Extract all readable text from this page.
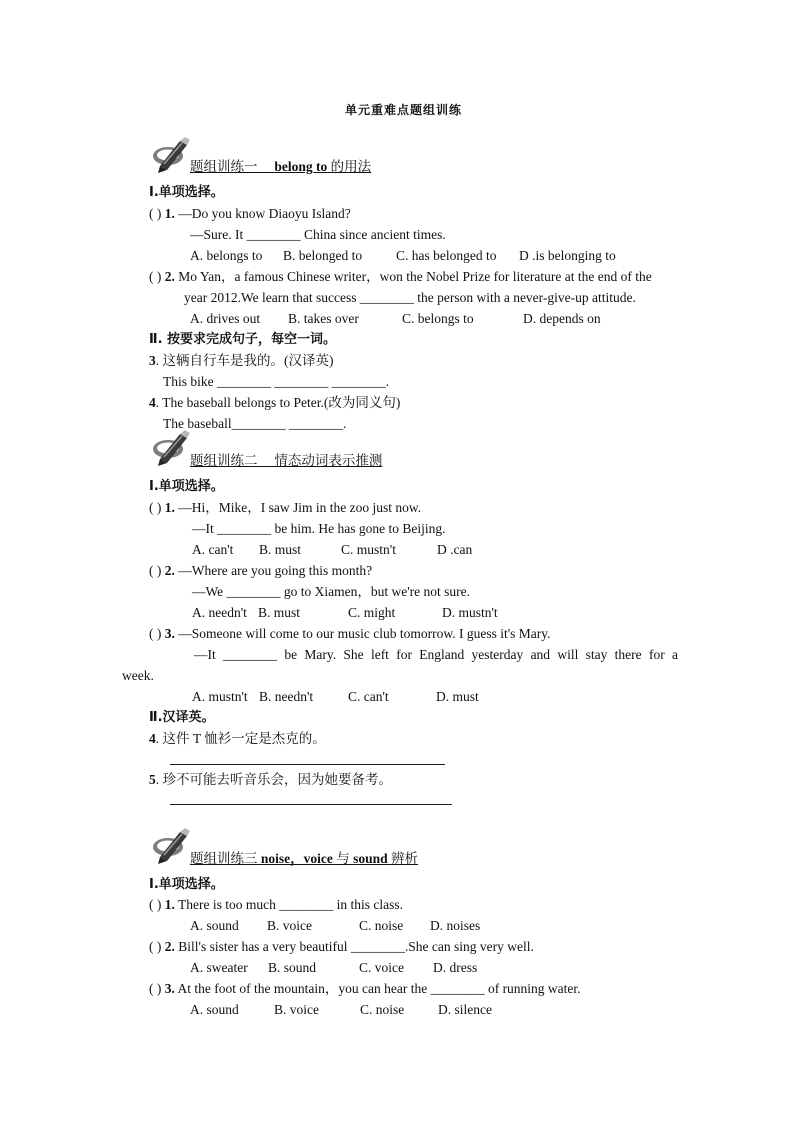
单元重难点题组训练
题组训练一　 belong to 的用法
Ⅰ.单项选择。
( ) 1. —Do you know Diaoyu Island?
—Sure. It ________ China since ancient times.
A. belongs to B. belonged to	C. has belonged to D .is belonging to
( ) 2. Mo Yan，a famous Chinese writer，won the Nobel Prize for literature at the end of the
year 2012.We learn that success ________ the person with a never-give-up attitude.
A. drives out B. takes over	C. belongs to	D. depends on
Ⅱ. 按要求完成句子，每空一词。
3. 这辆自行车是我的。(汉译英)
This bike ________ ________ ________.
4. The baseball belongs to Peter.(改为同义句)
The baseball________ ________.
题组训练二　 情态动词表示推测
Ⅰ.单项选择。
( ) 1. —Hi，Mike，I saw Jim in the zoo just now.
—It ________ be him. He has gone to Beijing.
A. can't B. must	C. mustn't	D .can
( ) 2. —Where are you going this month?
—We ________ go to Xiamen，but we're not sure.
A. needn't B. must	C. might	D. mustn't
( ) 3. —Someone will come to our music club tomorrow. I guess it's Mary.
—It ________ be Mary. She left for England yesterday and will stay there for a
week.
A. mustn't B. needn't	C. can't	D. must
Ⅱ.汉译英。
4. 这件 T 恤衫一定是杰克的。
5. 珍不可能去听音乐会，因为她要备考。
题组训练三 noise，voice 与 sound 辨析
Ⅰ.单项选择。
( ) 1. There is too much ________ in this class.
A. sound B. voice	C. noise D. noises
( ) 2. Bill's sister has a very beautiful ________.She can sing very well.
A. sweater B. sound	C. voice D. dress
( ) 3. At the foot of the mountain，you can hear the ________ of running water.
A. sound	B. voice	C. noise D. silence
